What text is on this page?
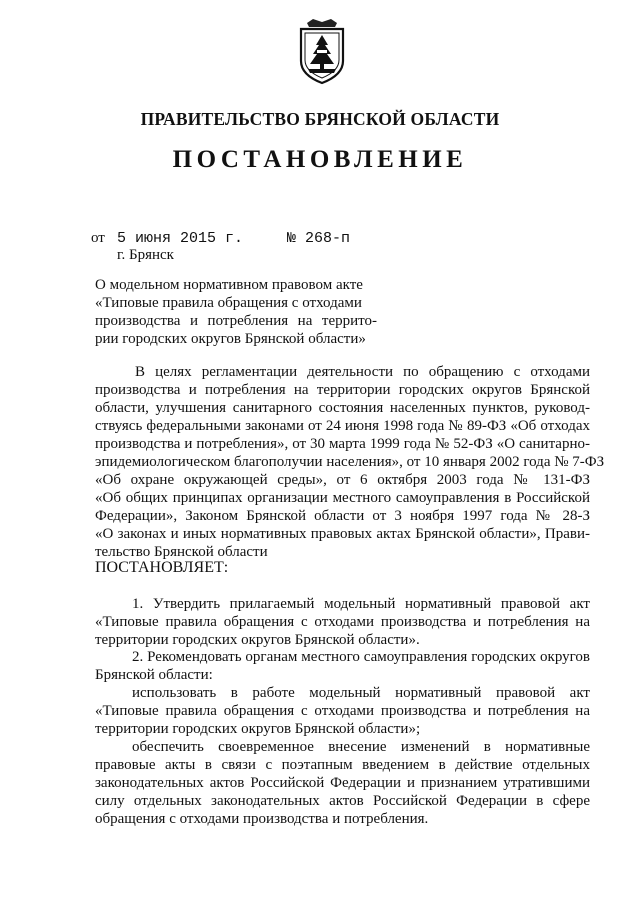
ПРАВИТЕЛЬСТВО БРЯНСКОЙ ОБЛАСТИ
ПОСТАНОВЛЕНИЕ
от 5 июня 2015 г.	№ 268-п
г. Брянск
О модельном нормативном правовом акте
«Типовые правила обращения с отходами
производства и потребления на террито-
рии городских округов Брянской области»
В целях регламентации деятельности по обращению с отходами
производства и потребления на территории городских округов Брянской
области, улучшения санитарного состояния населенных пунктов, руковод-
ствуясь федеральными законами от 24 июня 1998 года № 89-ФЗ «Об отходах
производства и потребления», от 30 марта 1999 года № 52-ФЗ «О санитарно-
эпидемиологическом благополучии населения», от 10 января 2002 года № 7-ФЗ
«Об охране окружающей среды», от 6 октября 2003 года № 131-ФЗ
«Об общих принципах организации местного самоуправления в Российской
Федерации», Законом Брянской области от 3 ноября 1997 года № 28-З
«О законах и иных нормативных правовых актах Брянской области», Прави-
тельство Брянской области
ПОСТАНОВЛЯЕТ:
1. Утвердить прилагаемый модельный нормативный правовой акт
«Типовые правила обращения с отходами производства и потребления на
территории городских округов Брянской области».
2. Рекомендовать органам местного самоуправления городских округов
Брянской области:
использовать в работе модельный нормативный правовой акт
«Типовые правила обращения с отходами производства и потребления на
территории городских округов Брянской области»;
обеспечить своевременное внесение изменений в нормативные
правовые акты в связи с поэтапным введением в действие отдельных
законодательных актов Российской Федерации и признанием утратившими
силу отдельных законодательных актов Российской Федерации в сфере
обращения с отходами производства и потребления.
